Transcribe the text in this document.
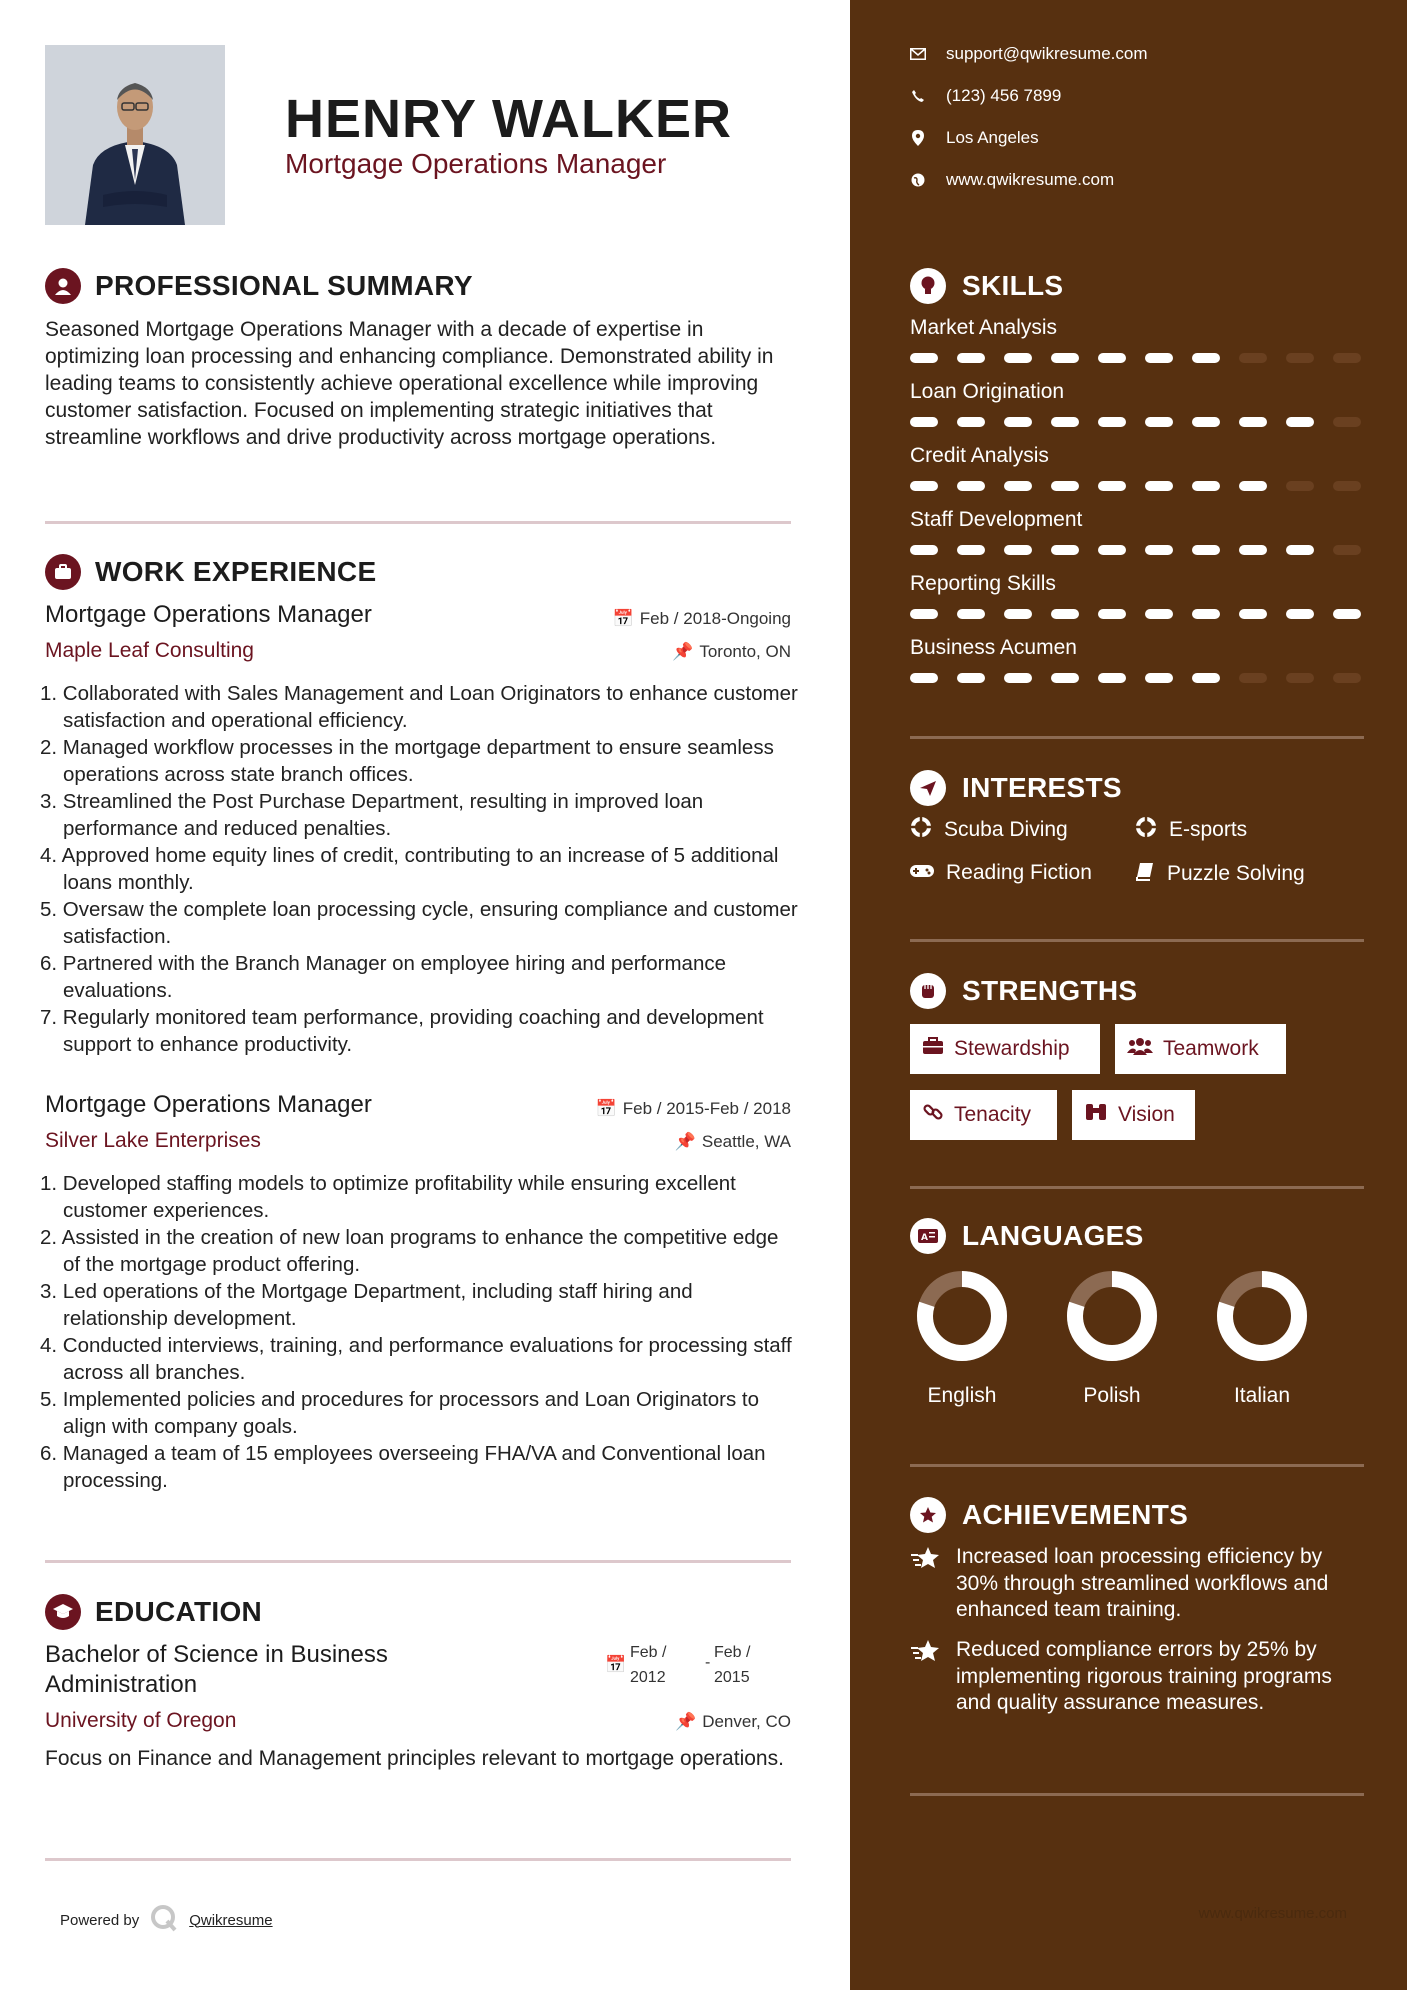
HENRY WALKER
Mortgage Operations Manager
PROFESSIONAL SUMMARY
Seasoned Mortgage Operations Manager with a decade of expertise in optimizing loan processing and enhancing compliance. Demonstrated ability in leading teams to consistently achieve operational excellence while improving customer satisfaction. Focused on implementing strategic initiatives that streamline workflows and drive productivity across mortgage operations.
WORK EXPERIENCE
Mortgage Operations Manager	📅 Feb / 2018-Ongoing
Maple Leaf Consulting	📌 Toronto, ON
1. Collaborated with Sales Management and Loan Originators to enhance customer satisfaction and operational efficiency.
2. Managed workflow processes in the mortgage department to ensure seamless operations across state branch offices.
3. Streamlined the Post Purchase Department, resulting in improved loan performance and reduced penalties.
4. Approved home equity lines of credit, contributing to an increase of 5 additional loans monthly.
5. Oversaw the complete loan processing cycle, ensuring compliance and customer satisfaction.
6. Partnered with the Branch Manager on employee hiring and performance evaluations.
7. Regularly monitored team performance, providing coaching and development support to enhance productivity.
Mortgage Operations Manager	📅 Feb / 2015-Feb / 2018
Silver Lake Enterprises	📌 Seattle, WA
1. Developed staffing models to optimize profitability while ensuring excellent customer experiences.
2. Assisted in the creation of new loan programs to enhance the competitive edge of the mortgage product offering.
3. Led operations of the Mortgage Department, including staff hiring and relationship development.
4. Conducted interviews, training, and performance evaluations for processing staff across all branches.
5. Implemented policies and procedures for processors and Loan Originators to align with company goals.
6. Managed a team of 15 employees overseeing FHA/VA and Conventional loan processing.
EDUCATION
Bachelor of Science in Business Administration
📅
Feb / 2012
-
Feb / 2015
University of Oregon	📌 Denver, CO
Focus on Finance and Management principles relevant to mortgage operations.
Powered by	Qwikresume
support@qwikresume.com
(123) 456 7899
Los Angeles
www.qwikresume.com
SKILLS
Market Analysis
Loan Origination
Credit Analysis
Staff Development
Reporting Skills
Business Acumen
INTERESTS
Scuba Diving	E-sports
Reading Fiction	Puzzle Solving
STRENGTHS
Stewardship	Teamwork
Tenacity	Vision
A LANGUAGES
English	Polish	Italian
ACHIEVEMENTS
Increased loan processing efficiency by 30% through streamlined workflows and enhanced team training.
Reduced compliance errors by 25% by implementing rigorous training programs and quality assurance measures.
www.qwikresume.com
